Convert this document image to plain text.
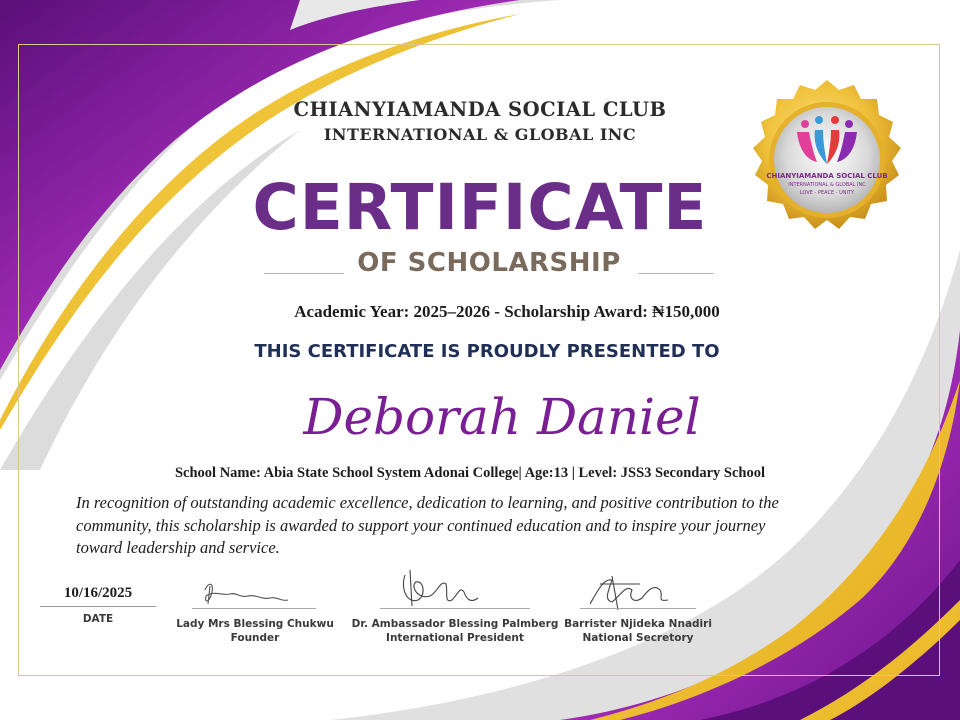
CHIANYIAMANDA SOCIAL CLUB
INTERNATIONAL & GLOBAL INC
CHIANYIAMANDA SOCIAL CLUB
INTERNATIONAL & GLOBAL INC
LOVE - PEACE - UNITY
CERTIFICATE
OF SCHOLARSHIP
Academic Year: 2025–2026 - Scholarship Award: ₦150,000
THIS CERTIFICATE IS PROUDLY PRESENTED TO
Deborah Daniel
School Name: Abia State School System Adonai College| Age:13 | Level: JSS3 Secondary School
In recognition of outstanding academic excellence, dedication to learning, and positive contribution to the community, this scholarship is awarded to support your continued education and to inspire your journey toward leadership and service.
10/16/2025
DATE	Lady Mrs Blessing Chukwu
Founder
Dr. Ambassador Blessing Palmberg
International President
Barrister Njideka Nnadiri
National Secretory
